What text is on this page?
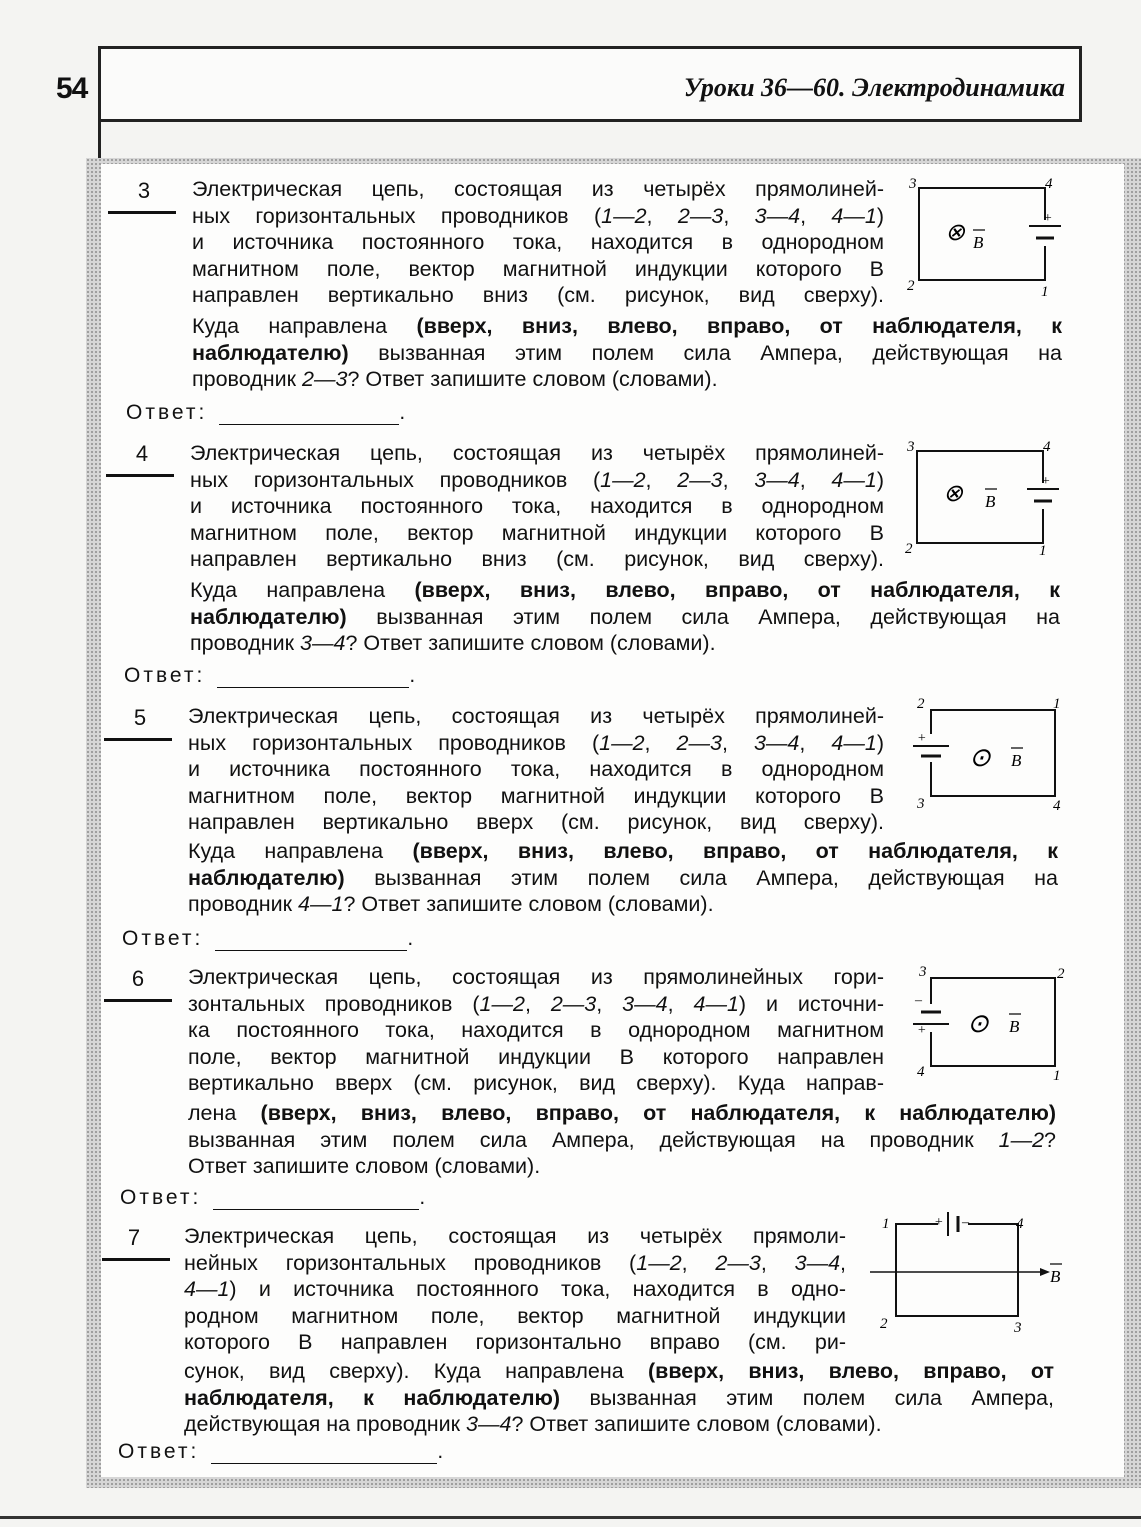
54	Уроки 36—60. Электродинамика
3 Электрическая цепь, состоящая из четырёх прямолиней-
ных горизонтальных проводников (1—2, 2—3, 3—4, 4—1)
и источника постоянного тока, находится в однородном
магнитном поле, вектор магнитной индукции которого B
направлен вертикально вниз (см. рисунок, вид сверху).
Куда направлена (вверх, вниз, влево, вправо, от наблюдателя, к
наблюдателю) вызванная этим полем сила Ампера, действующая на
проводник 2—3? Ответ запишите словом (словами).
+
3	4
2	1
⊗ B
Ответ:	.
4 Электрическая цепь, состоящая из четырёх прямолиней-
ных горизонтальных проводников (1—2, 2—3, 3—4, 4—1)
и источника постоянного тока, находится в однородном
магнитном поле, вектор магнитной индукции которого B
направлен вертикально вниз (см. рисунок, вид сверху).
Куда направлена (вверх, вниз, влево, вправо, от наблюдателя, к
наблюдателю) вызванная этим полем сила Ампера, действующая на
проводник 3—4? Ответ запишите словом (словами).
+
3	4
2	1
⊗ B
Ответ:	.
5 Электрическая цепь, состоящая из четырёх прямолиней-
ных горизонтальных проводников (1—2, 2—3, 3—4, 4—1)
и источника постоянного тока, находится в однородном
магнитном поле, вектор магнитной индукции которого B
направлен вертикально вверх (см. рисунок, вид сверху).
Куда направлена (вверх, вниз, влево, вправо, от наблюдателя, к
наблюдателю) вызванная этим полем сила Ампера, действующая на
проводник 4—1? Ответ запишите словом (словами).
+
2	1
3	4
⊙ B
Ответ:	.
6 Электрическая цепь, состоящая из прямолинейных гори-
зонтальных проводников (1—2, 2—3, 3—4, 4—1) и источни-
ка постоянного тока, находится в однородном магнитном
поле, вектор магнитной индукции B которого направлен
вертикально вверх (см. рисунок, вид сверху). Куда направ-
лена (вверх, вниз, влево, вправо, от наблюдателя, к наблюдателю)
вызванная этим полем сила Ампера, действующая на проводник 1—2?
Ответ запишите словом (словами).
–
+
3	2
4	1
⊙ B
Ответ:	.
7 Электрическая цепь, состоящая из четырёх прямоли-
нейных горизонтальных проводников (1—2, 2—3, 3—4,
4—1) и источника постоянного тока, находится в одно-
родном магнитном поле, вектор магнитной индукции
которого B направлен горизонтально вправо (см. ри-
сунок, вид сверху). Куда направлена (вверх, вниз, влево, вправо, от
наблюдателя, к наблюдателю) вызванная этим полем сила Ампера,
действующая на проводник 3—4? Ответ запишите словом (словами).
+ –
1	4
2	3
B
Ответ:	.
